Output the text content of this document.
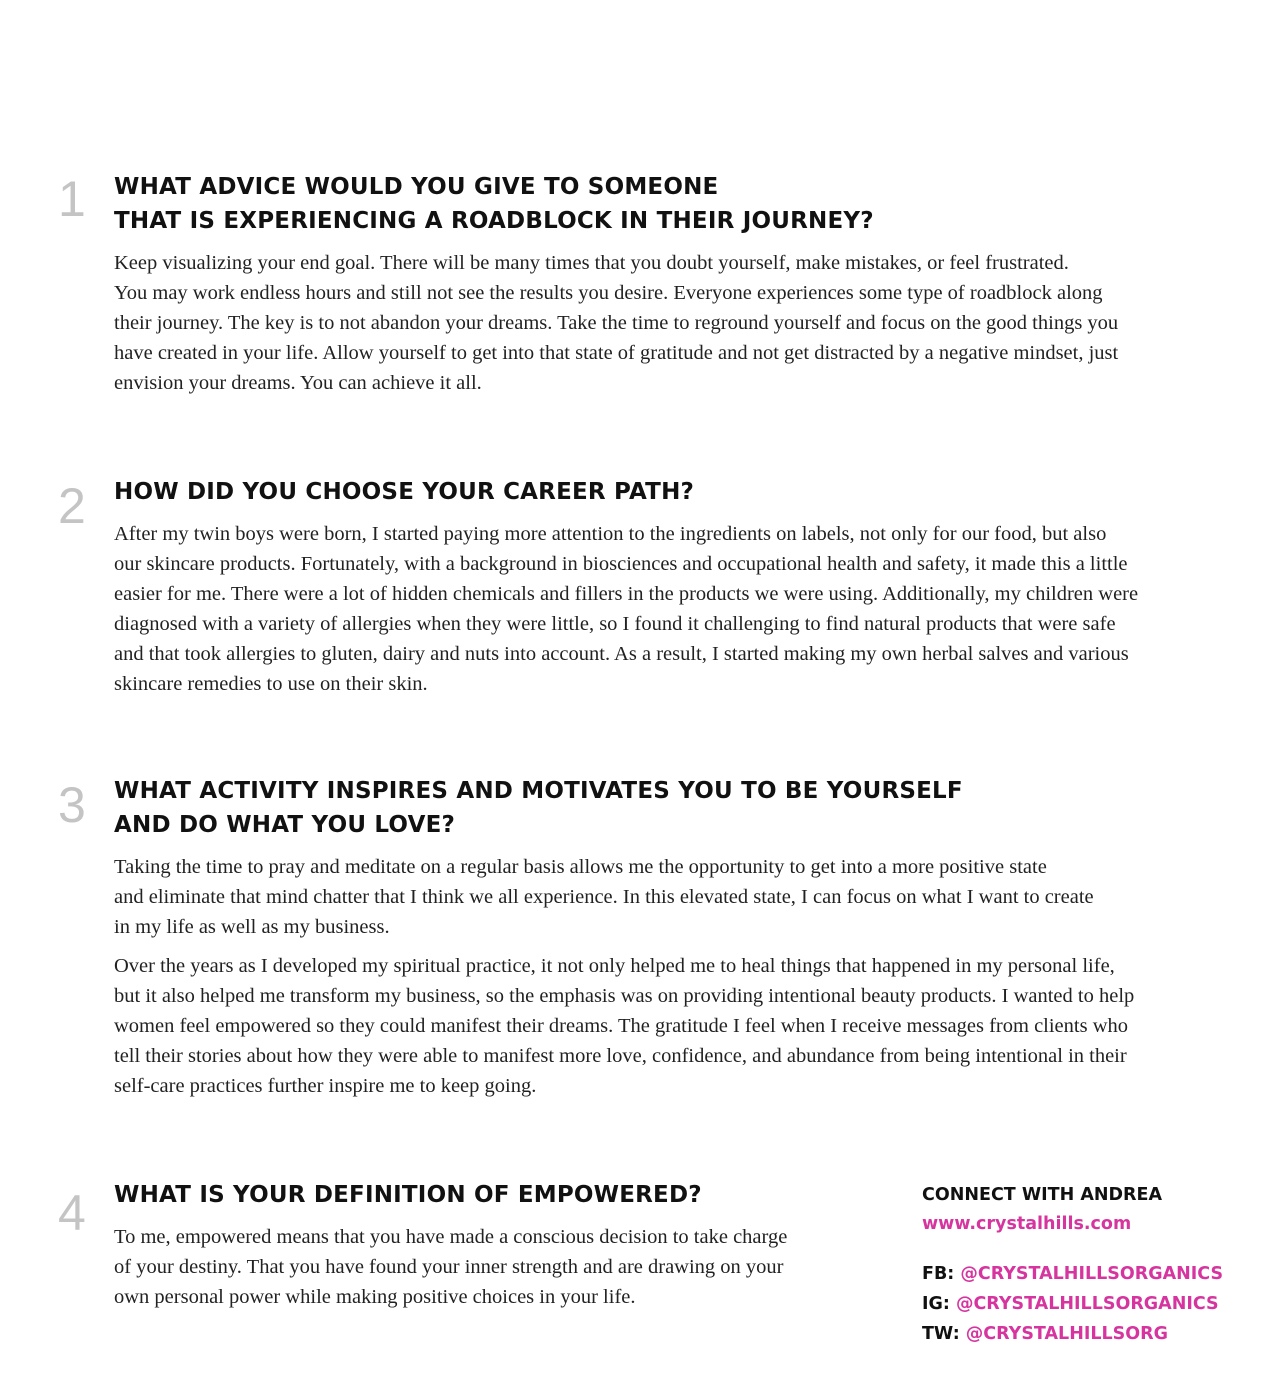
1 WHAT ADVICE WOULD YOU GIVE TO SOMEONE
THAT IS EXPERIENCING A ROADBLOCK IN THEIR JOURNEY?

Keep visualizing your end goal. There will be many times that you doubt yourself, make mistakes, or feel frustrated.
You may work endless hours and still not see the results you desire. Everyone experiences some type of roadblock along
their journey. The key is to not abandon your dreams. Take the time to reground yourself and focus on the good things you
have created in your life. Allow yourself to get into that state of gratitude and not get distracted by a negative mindset, just
envision your dreams. You can achieve it all.

2 HOW DID YOU CHOOSE YOUR CAREER PATH?

After my twin boys were born, I started paying more attention to the ingredients on labels, not only for our food, but also
our skincare products. Fortunately, with a background in biosciences and occupational health and safety, it made this a little
easier for me. There were a lot of hidden chemicals and fillers in the products we were using. Additionally, my children were
diagnosed with a variety of allergies when they were little, so I found it challenging to find natural products that were safe
and that took allergies to gluten, dairy and nuts into account. As a result, I started making my own herbal salves and various
skincare remedies to use on their skin.

3 WHAT ACTIVITY INSPIRES AND MOTIVATES YOU TO BE YOURSELF
AND DO WHAT YOU LOVE?

Taking the time to pray and meditate on a regular basis allows me the opportunity to get into a more positive state
and eliminate that mind chatter that I think we all experience. In this elevated state, I can focus on what I want to create
in my life as well as my business.

Over the years as I developed my spiritual practice, it not only helped me to heal things that happened in my personal life,
but it also helped me transform my business, so the emphasis was on providing intentional beauty products. I wanted to help
women feel empowered so they could manifest their dreams. The gratitude I feel when I receive messages from clients who
tell their stories about how they were able to manifest more love, confidence, and abundance from being intentional in their
self-care practices further inspire me to keep going.

4 WHAT IS YOUR DEFINITION OF EMPOWERED?

To me, empowered means that you have made a conscious decision to take charge
of your destiny. That you have found your inner strength and are drawing on your
own personal power while making positive choices in your life.

CONNECT WITH ANDREA
www.crystalhills.com
FB: @CRYSTALHILLSORGANICS
IG: @CRYSTALHILLSORGANICS
TW: @CRYSTALHILLSORG
